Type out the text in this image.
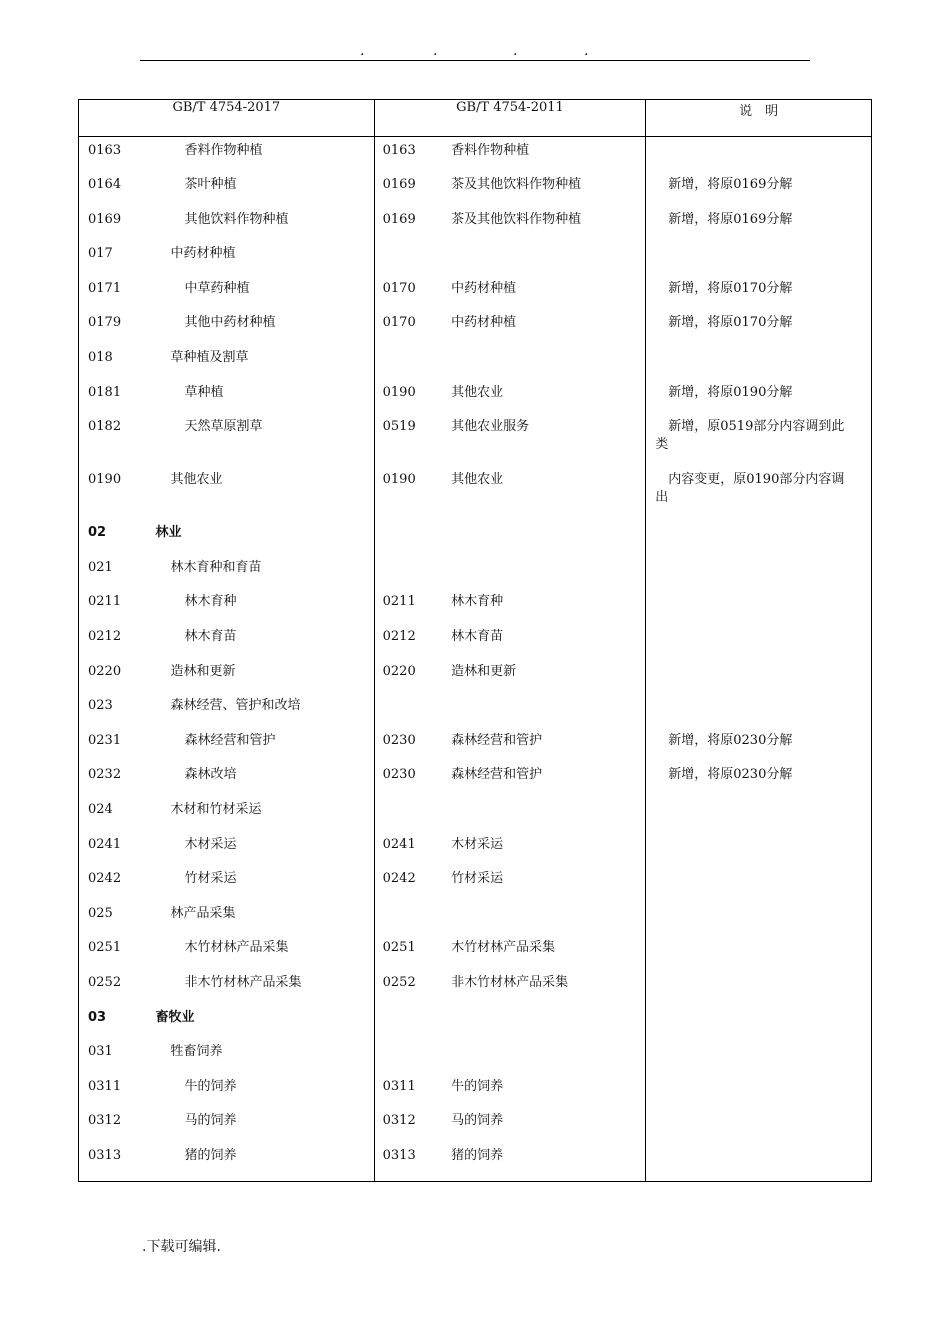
.	.	.	.
GB/T 4754-2017		GB/T 4754-2011		说　明
0163	香料作物种植	0163	香料作物种植	
0164	茶叶种植	0169	茶及其他饮料作物种植	　新增，将原0169分解
0169	其他饮料作物种植	0169	茶及其他饮料作物种植	　新增，将原0169分解
017	中药材种植			
0171	中草药种植	0170	中药材种植	　新增，将原0170分解
0179	其他中药材种植	0170	中药材种植	　新增，将原0170分解
018	草种植及割草			
0181	草种植	0190	其他农业	　新增，将原0190分解
0182	天然草原割草	0519	其他农业服务	　新增，原0519部分内容调到此类
0190	其他农业	0190	其他农业	　内容变更，原0190部分内容调出
02	林业			
021	林木育种和育苗			
0211	林木育种	0211	林木育种	
0212	林木育苗	0212	林木育苗	
0220	造林和更新	0220	造林和更新	
023	森林经营、管护和改培			
0231	森林经营和管护	0230	森林经营和管护	　新增，将原0230分解
0232	森林改培	0230	森林经营和管护	　新增，将原0230分解
024	木材和竹材采运			
0241	木材采运	0241	木材采运	
0242	竹材采运	0242	竹材采运	
025	林产品采集			
0251	木竹材林产品采集	0251	木竹材林产品采集	
0252	非木竹材林产品采集	0252	非木竹材林产品采集	
03	畜牧业			
031	牲畜饲养			
0311	牛的饲养	0311	牛的饲养	
0312	马的饲养	0312	马的饲养	
0313	猪的饲养	0313	猪的饲养	
.下载可编辑.
